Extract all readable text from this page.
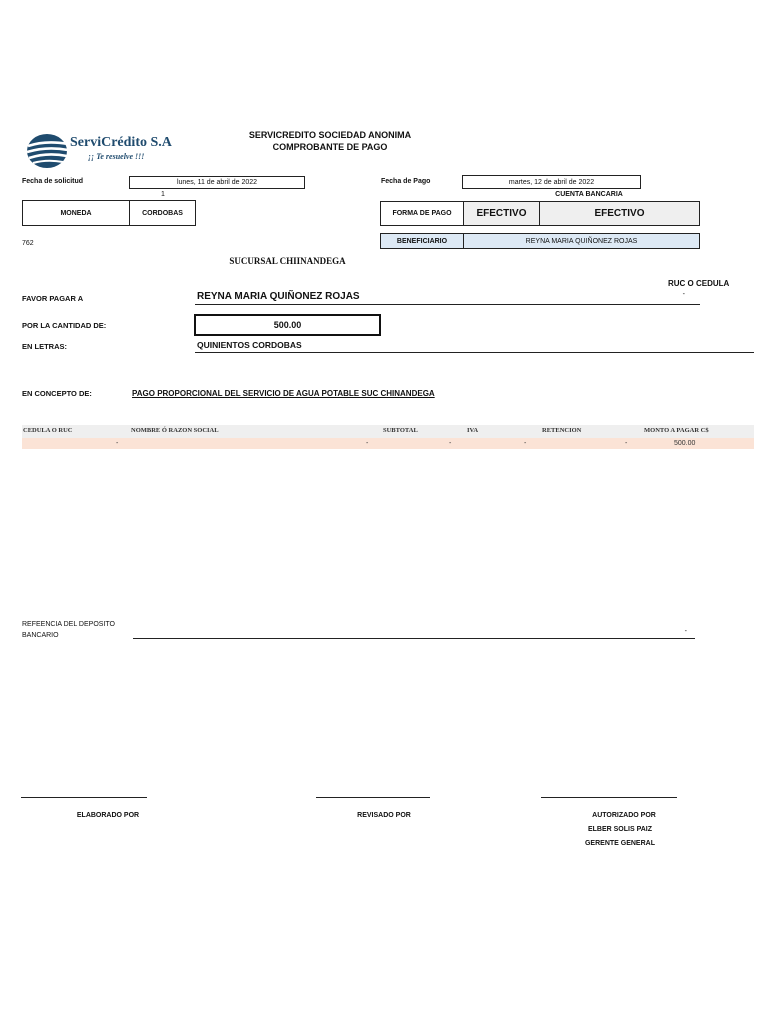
ServiCrédito S.A
¡¡ Te resuelve !!!
SERVICREDITO SOCIEDAD ANONIMA
COMPROBANTE DE PAGO
Fecha de solicitud	lunes, 11 de abril de 2022
1
MONEDA	CORDOBAS
762
Fecha de Pago	martes, 12 de abril de 2022
CUENTA BANCARIA
FORMA DE PAGO	EFECTIVO	EFECTIVO
BENEFICIARIO	REYNA MARIA QUIÑONEZ ROJAS
SUCURSAL CHIINANDEGA
RUC O CEDULA
FAVOR PAGAR A	REYNA MARIA QUIÑONEZ ROJAS	-
POR LA CANTIDAD DE:	500.00
EN LETRAS:	QUINIENTOS CORDOBAS
EN CONCEPTO DE:	PAGO PROPORCIONAL DEL SERVICIO DE AGUA POTABLE SUC CHINANDEGA
CEDULA O RUC	NOMBRE Ó RAZON SOCIAL	SUBTOTAL	IVA	RETENCION	MONTO A PAGAR C$
-	-	-	-	-	500.00
REFEENCIA DEL DEPOSITO
BANCARIO
-
ELABORADO POR	REVISADO POR	AUTORIZADO POR
ELBER SOLIS PAIZ
GERENTE GENERAL
